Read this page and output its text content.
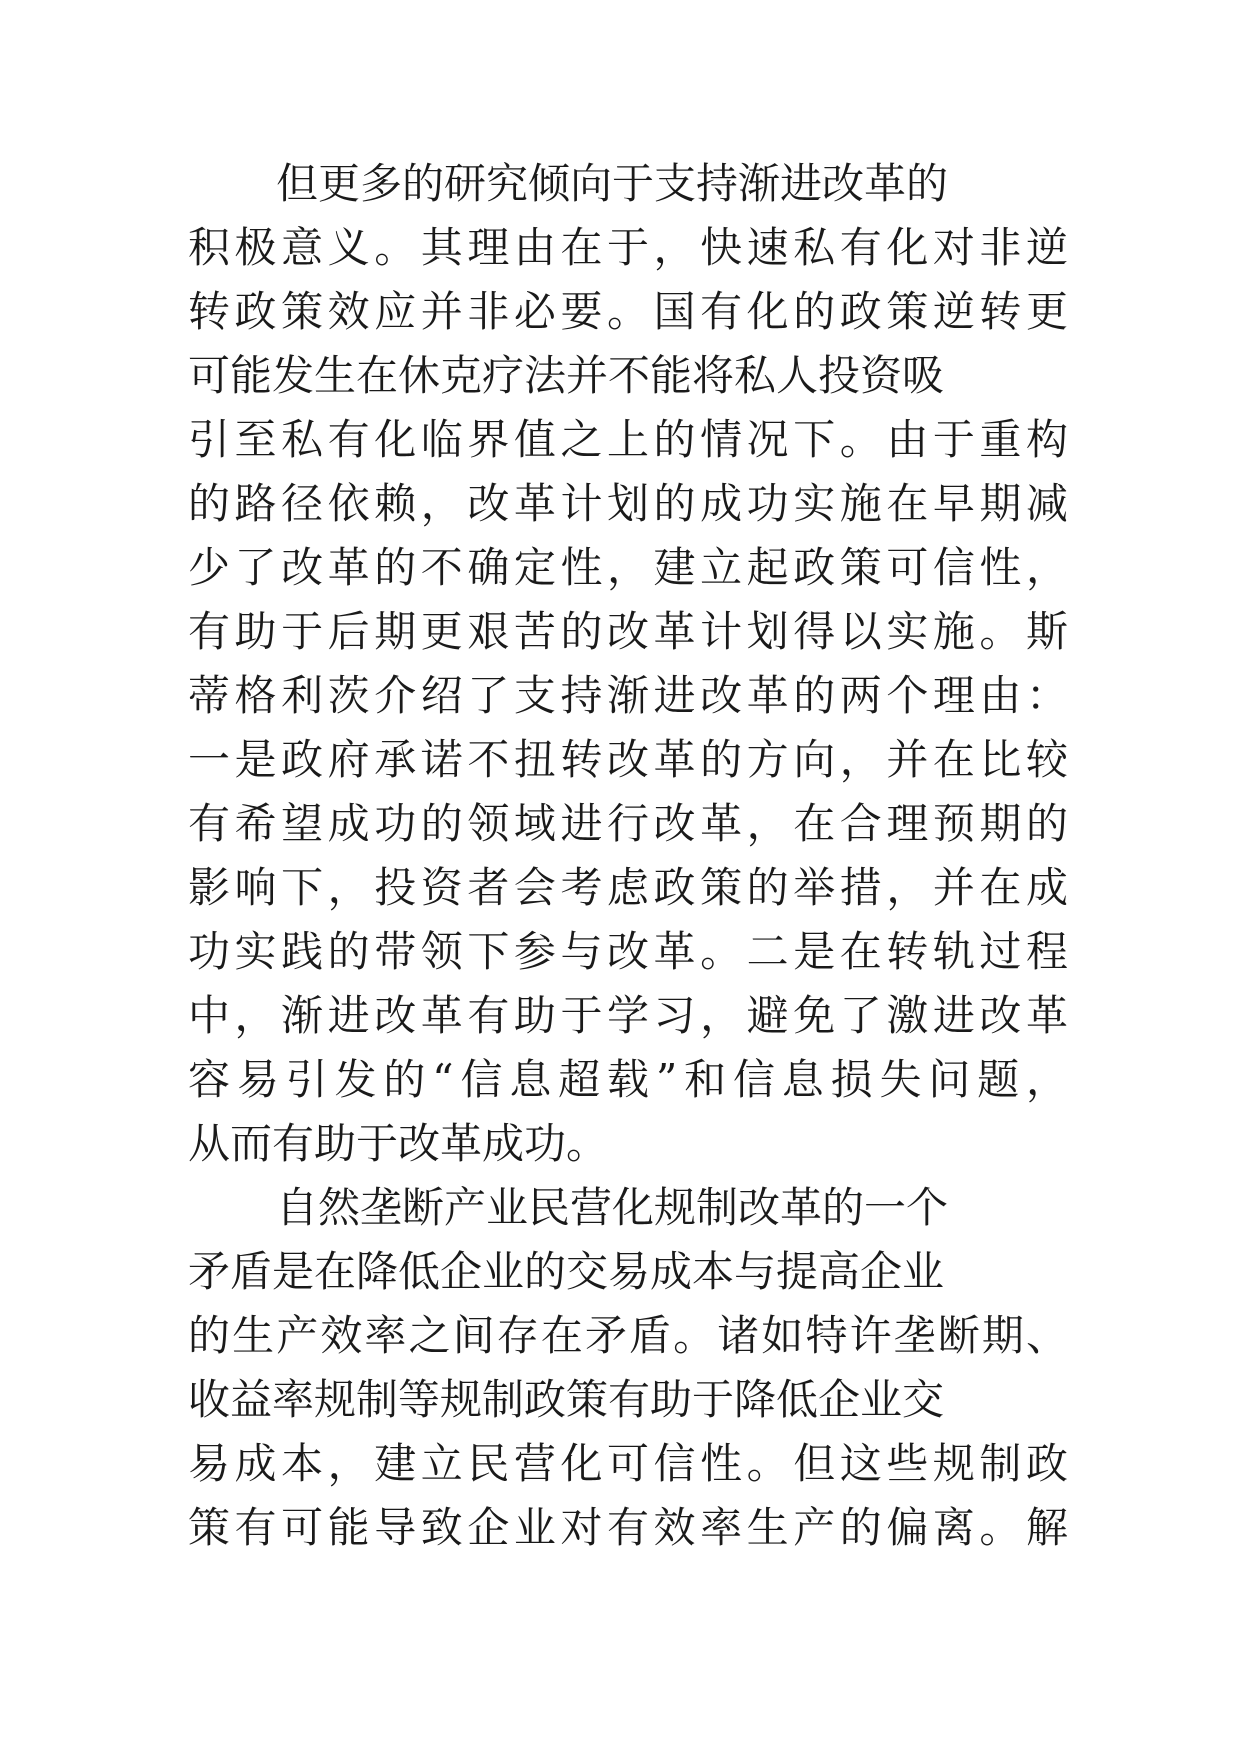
但更多的研究倾向于支持渐进改革的
积极意义。其理由在于，快速私有化对非逆
转政策效应并非必要。国有化的政策逆转更
可能发生在休克疗法并不能将私人投资吸
引至私有化临界值之上的情况下。由于重构
的路径依赖，改革计划的成功实施在早期减
少了改革的不确定性，建立起政策可信性，
有助于后期更艰苦的改革计划得以实施。斯
蒂格利茨介绍了支持渐进改革的两个理由：
一是政府承诺不扭转改革的方向，并在比较
有希望成功的领域进行改革，在合理预期的
影响下，投资者会考虑政策的举措，并在成
功实践的带领下参与改革。二是在转轨过程
中，渐进改革有助于学习，避免了激进改革
容易引发的“信息超载”和信息损失问题，
从而有助于改革成功。
自然垄断产业民营化规制改革的一个
矛盾是在降低企业的交易成本与提高企业
的生产效率之间存在矛盾。诸如特许垄断期、
收益率规制等规制政策有助于降低企业交
易成本，建立民营化可信性。但这些规制政
策有可能导致企业对有效率生产的偏离。解
